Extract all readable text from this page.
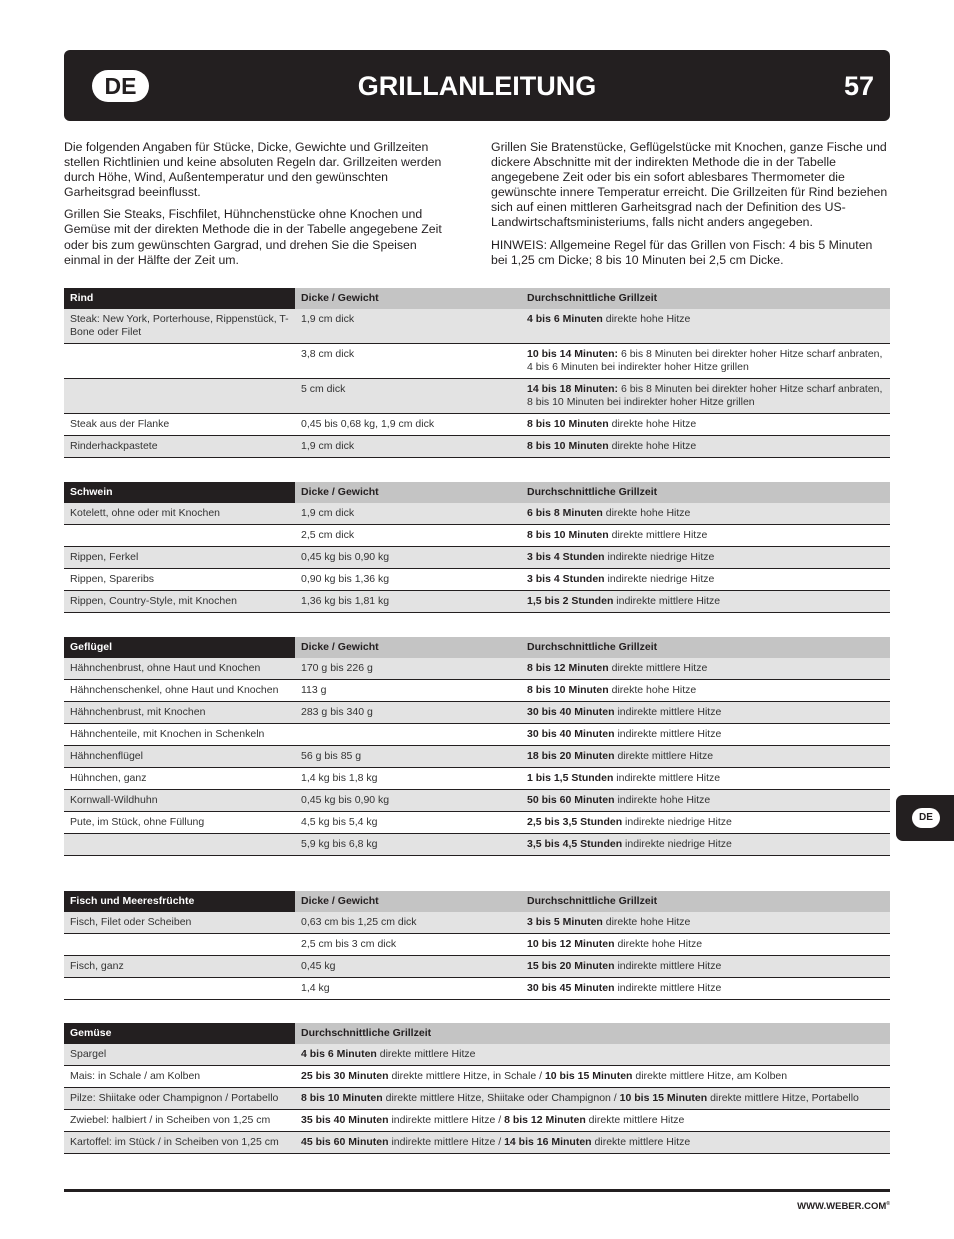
DE	GRILLANLEITUNG	57

Die folgenden Angaben für Stücke, Dicke, Gewichte und Grillzeiten stellen Richtlinien und keine absoluten Regeln dar. Grillzeiten werden durch Höhe, Wind, Außentemperatur und den gewünschten Garheitsgrad beeinflusst.

Grillen Sie Steaks, Fischfilet, Hühnchenstücke ohne Knochen und Gemüse mit der direkten Methode die in der Tabelle angegebene Zeit oder bis zum gewünschten Gargrad, und drehen Sie die Speisen einmal in der Hälfte der Zeit um.

Grillen Sie Bratenstücke, Geflügelstücke mit Knochen, ganze Fische und dickere Abschnitte mit der indirekten Methode die in der Tabelle angegebene Zeit oder bis ein sofort ablesbares Thermometer die gewünschte innere Temperatur erreicht. Die Grillzeiten für Rind beziehen sich auf einen mittleren Garheitsgrad nach der Definition des US-Landwirtschaftsministeriums, falls nicht anders angegeben.

HINWEIS: Allgemeine Regel für das Grillen von Fisch: 4 bis 5 Minuten bei 1,25 cm Dicke; 8 bis 10 Minuten bei 2,5 cm Dicke.

Rind	Dicke / Gewicht	Durchschnittliche Grillzeit
Steak: New York, Porterhouse, Rippenstück, T-Bone oder Filet	1,9 cm dick	4 bis 6 Minuten direkte hohe Hitze
	3,8 cm dick	10 bis 14 Minuten: 6 bis 8 Minuten bei direkter hoher Hitze scharf anbraten, 4 bis 6 Minuten bei indirekter hoher Hitze grillen
	5 cm dick	14 bis 18 Minuten: 6 bis 8 Minuten bei direkter hoher Hitze scharf anbraten, 8 bis 10 Minuten bei indirekter hoher Hitze grillen
Steak aus der Flanke	0,45 bis 0,68 kg, 1,9 cm dick	8 bis 10 Minuten direkte hohe Hitze
Rinderhackpastete	1,9 cm dick	8 bis 10 Minuten direkte hohe Hitze
Schwein	Dicke / Gewicht	Durchschnittliche Grillzeit
Kotelett, ohne oder mit Knochen	1,9 cm dick	6 bis 8 Minuten direkte hohe Hitze
	2,5 cm dick	8 bis 10 Minuten direkte mittlere Hitze
Rippen, Ferkel	0,45 kg bis 0,90 kg	3 bis 4 Stunden indirekte niedrige Hitze
Rippen, Spareribs	0,90 kg bis 1,36 kg	3 bis 4 Stunden indirekte niedrige Hitze
Rippen, Country-Style, mit Knochen	1,36 kg bis 1,81 kg	1,5 bis 2 Stunden indirekte mittlere Hitze
Geflügel	Dicke / Gewicht	Durchschnittliche Grillzeit
Hähnchenbrust, ohne Haut und Knochen	170 g bis 226 g	8 bis 12 Minuten direkte mittlere Hitze
Hähnchenschenkel, ohne Haut und Knochen	113 g	8 bis 10 Minuten direkte hohe Hitze
Hähnchenbrust, mit Knochen	283 g bis 340 g	30 bis 40 Minuten indirekte mittlere Hitze
Hähnchenteile, mit Knochen in Schenkeln		30 bis 40 Minuten indirekte mittlere Hitze
Hähnchenflügel	56 g bis 85 g	18 bis 20 Minuten direkte mittlere Hitze
Hühnchen, ganz	1,4 kg bis 1,8 kg	1 bis 1,5 Stunden indirekte mittlere Hitze
Kornwall-Wildhuhn	0,45 kg bis 0,90 kg	50 bis 60 Minuten indirekte hohe Hitze
Pute, im Stück, ohne Füllung	4,5 kg bis 5,4 kg	2,5 bis 3,5 Stunden indirekte niedrige Hitze
	5,9 kg bis 6,8 kg	3,5 bis 4,5 Stunden indirekte niedrige Hitze
Fisch und Meeresfrüchte	Dicke / Gewicht	Durchschnittliche Grillzeit
Fisch, Filet oder Scheiben	0,63 cm bis 1,25 cm dick	3 bis 5 Minuten direkte hohe Hitze
	2,5 cm bis 3 cm dick	10 bis 12 Minuten direkte hohe Hitze
Fisch, ganz	0,45 kg	15 bis 20 Minuten indirekte mittlere Hitze
	1,4 kg	30 bis 45 Minuten indirekte mittlere Hitze
Gemüse	Durchschnittliche Grillzeit
Spargel	4 bis 6 Minuten direkte mittlere Hitze
Mais: in Schale / am Kolben	25 bis 30 Minuten direkte mittlere Hitze, in Schale / 10 bis 15 Minuten direkte mittlere Hitze, am Kolben
Pilze: Shiitake oder Champignon / Portabello	8 bis 10 Minuten direkte mittlere Hitze, Shiitake oder Champignon / 10 bis 15 Minuten direkte mittlere Hitze, Portabello
Zwiebel: halbiert / in Scheiben von 1,25 cm	35 bis 40 Minuten indirekte mittlere Hitze / 8 bis 12 Minuten direkte mittlere Hitze
Kartoffel: im Stück / in Scheiben von 1,25 cm	45 bis 60 Minuten indirekte mittlere Hitze / 14 bis 16 Minuten direkte mittlere Hitze
DE
WWW.WEBER.COM®
